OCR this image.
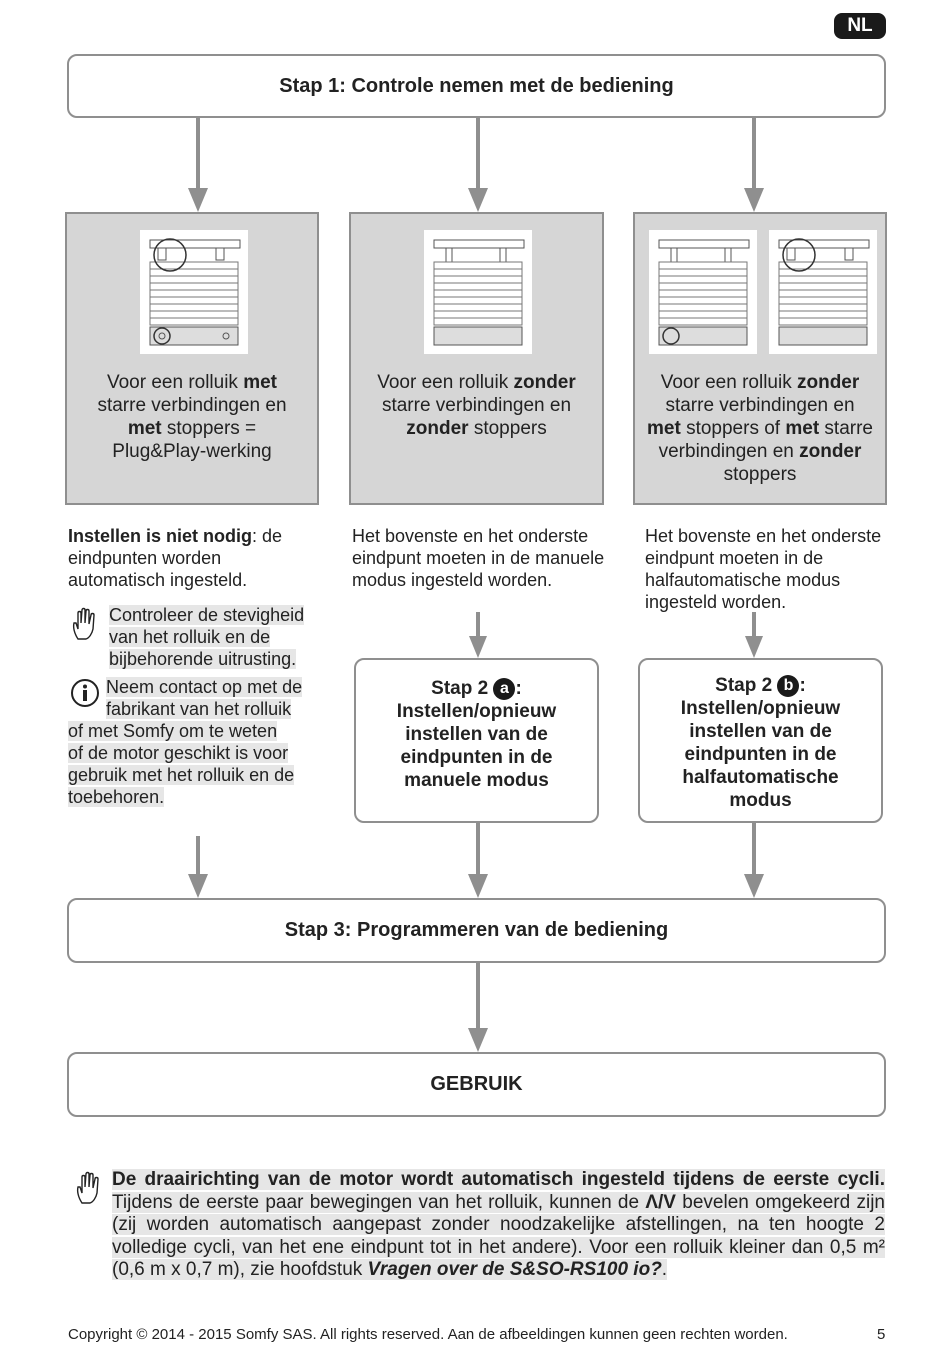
NL
Stap 1: Controle nemen met de bediening
Voor een rolluik met starre verbindingen en met stoppers = Plug&Play-werking
Voor een rolluik zonder starre verbindingen en zonder stoppers
Voor een rolluik zonder starre verbindingen en met stoppers of met starre verbindingen en zonder stoppers
Instellen is niet nodig: de eindpunten worden automatisch ingesteld.
Het bovenste en het onderste eindpunt moeten in de manuele modus ingesteld worden.
Het bovenste en het onderste eindpunt moeten in de halfautomatische modus ingesteld worden.
Controleer de stevigheid van het rolluik en de bijbehorende uitrusting.
Neem contact op met de
fabrikant van het rolluik
of met Somfy om te weten
of de motor geschikt is voor
gebruik met het rolluik en de
toebehoren.
Stap 2 a :
Instellen/opnieuw
instellen van de
eindpunten in de
manuele modus
Stap 2 b :
Instellen/opnieuw
instellen van de
eindpunten in de
halfautomatische
modus
Stap 3: Programmeren van de bediening
GEBRUIK
De draairichting van de motor wordt automatisch ingesteld tijdens de eerste cycli. Tijdens de eerste paar bewegingen van het rolluik, kunnen de Λ/V bevelen omgekeerd zijn (zij worden automatisch aangepast zonder noodzakelijke afstellingen, na ten hoogte 2 volledige cycli, van het ene eindpunt tot in het andere). Voor een rolluik kleiner dan 0,5 m² (0,6 m x 0,7 m), zie hoofdstuk Vragen over de S&SO-RS100 io?.
Copyright © 2014 - 2015 Somfy SAS. All rights reserved. Aan de afbeeldingen kunnen geen rechten worden.	5
